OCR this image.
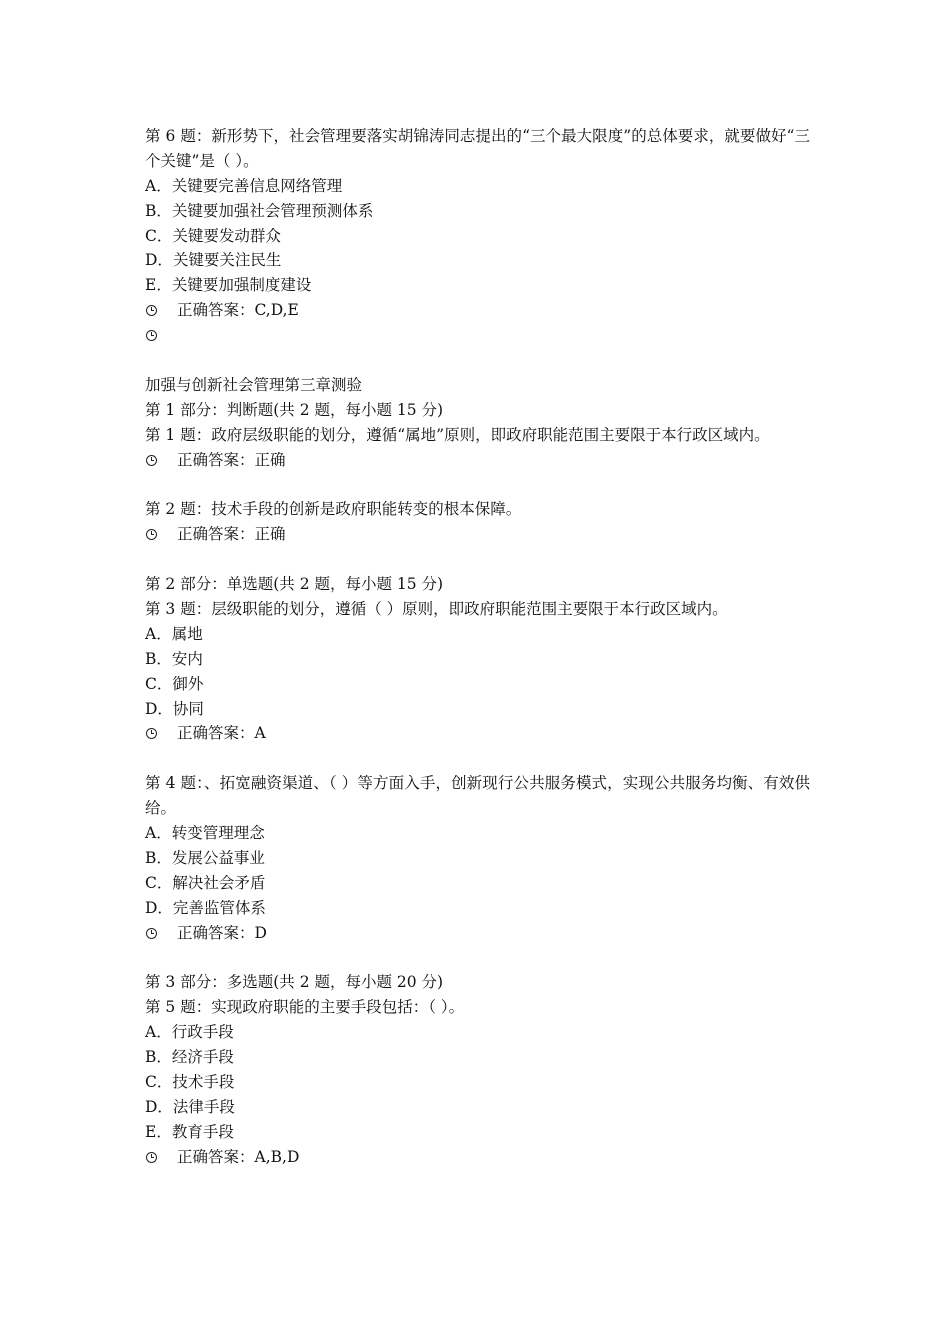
第 6 题：新形势下，社会管理要落实胡锦涛同志提出的“三个最大限度”的总体要求，就要做好“三个关键”是（ ）。
A．关键要完善信息网络管理
B．关键要加强社会管理预测体系
C．关键要发动群众
D．关键要关注民生
E．关键要加强制度建设
正确答案：C,D,E
加强与创新社会管理第三章测验
第 1 部分：判断题(共 2 题，每小题 15 分)
第 1 题：政府层级职能的划分，遵循“属地”原则，即政府职能范围主要限于本行政区域内。
正确答案：正确
第 2 题：技术手段的创新是政府职能转变的根本保障。
正确答案：正确
第 2 部分：单选题(共 2 题，每小题 15 分)
第 3 题：层级职能的划分，遵循（ ）原则，即政府职能范围主要限于本行政区域内。
A．属地
B．安内
C．御外
D．协同
正确答案：A
第 4 题：、拓宽融资渠道、（ ）等方面入手，创新现行公共服务模式，实现公共服务均衡、有效供给。
A．转变管理理念
B．发展公益事业
C．解决社会矛盾
D．完善监管体系
正确答案：D
第 3 部分：多选题(共 2 题，每小题 20 分)
第 5 题：实现政府职能的主要手段包括：（ ）。
A．行政手段
B．经济手段
C．技术手段
D．法律手段
E．教育手段
正确答案：A,B,D
